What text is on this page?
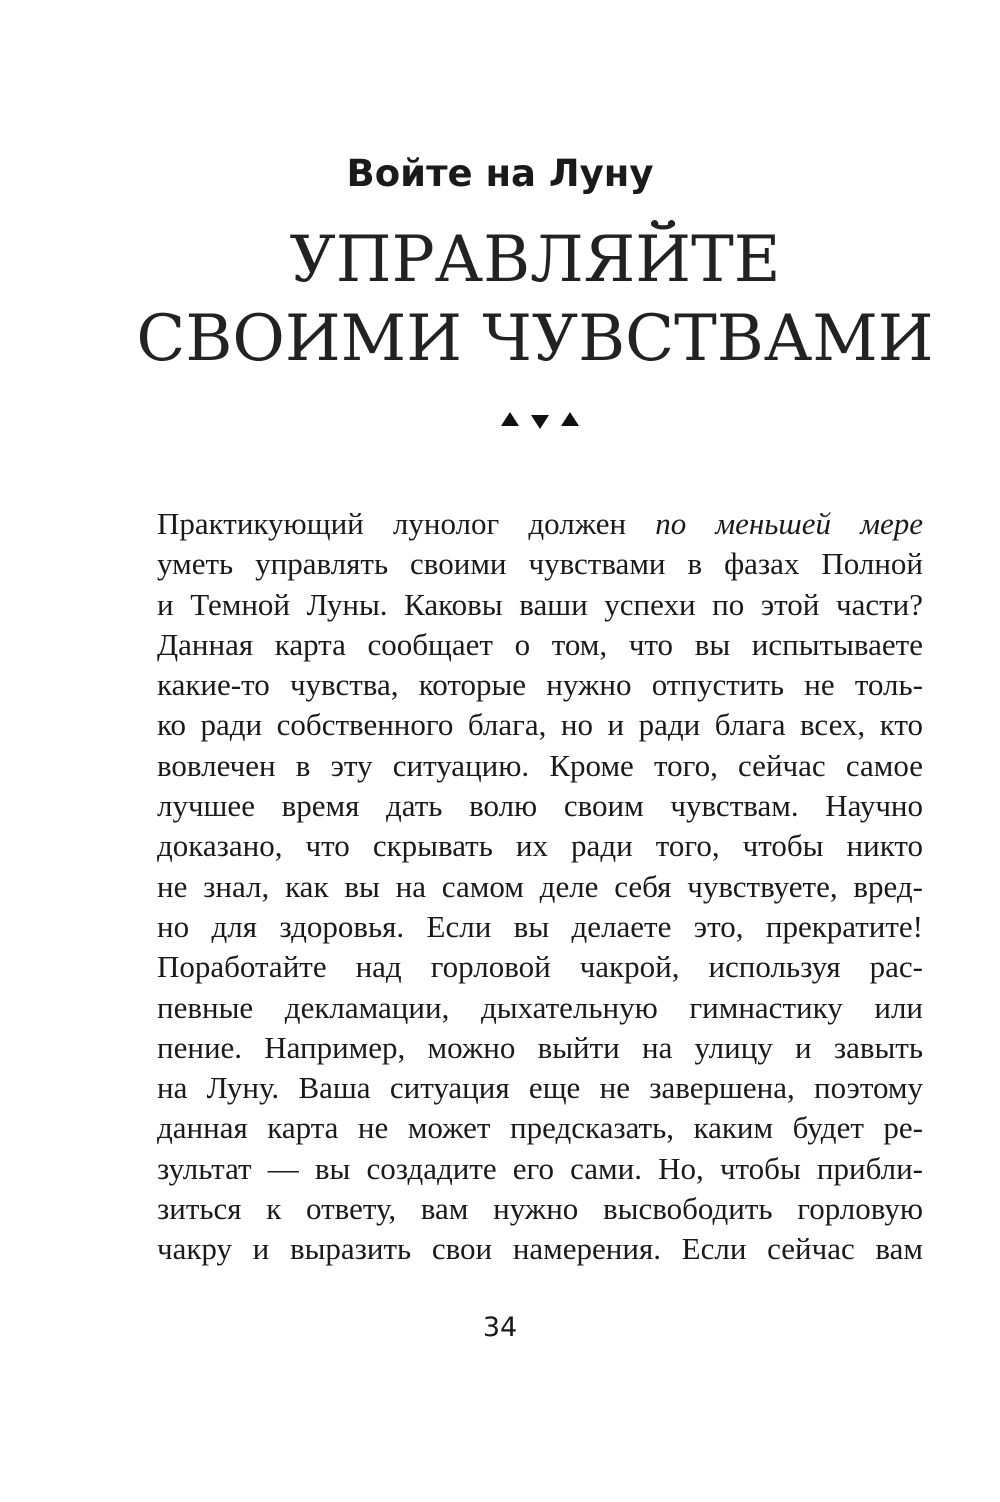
Войте на Луну
УПРАВЛЯЙТЕ
СВОИМИ ЧУВСТВАМИ
Практикующий лунолог должен по меньшей мере
уметь управлять своими чувствами в фазах Полной
и Темной Луны. Каковы ваши успехи по этой части?
Данная карта сообщает о том, что вы испытываете
какие-то чувства, которые нужно отпустить не толь-
ко ради собственного блага, но и ради блага всех, кто
вовлечен в эту ситуацию. Кроме того, сейчас самое
лучшее время дать волю своим чувствам. Научно
доказано, что скрывать их ради того, чтобы никто
не знал, как вы на самом деле себя чувствуете, вред-
но для здоровья. Если вы делаете это, прекратите!
Поработайте над горловой чакрой, используя рас-
певные декламации, дыхательную гимнастику или
пение. Например, можно выйти на улицу и завыть
на Луну. Ваша ситуация еще не завершена, поэтому
данная карта не может предсказать, каким будет ре-
зультат — вы создадите его сами. Но, чтобы прибли-
зиться к ответу, вам нужно высвободить горловую
чакру и выразить свои намерения. Если сейчас вам
34
